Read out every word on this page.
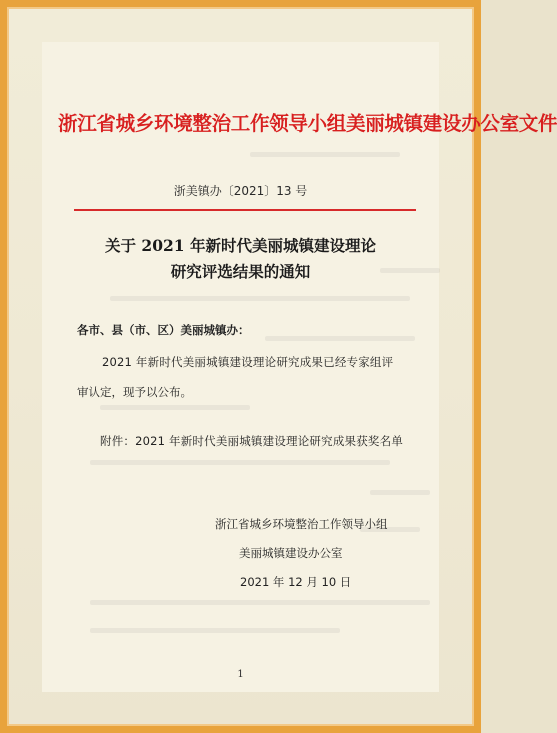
浙江省城乡环境整治工作领导小组美丽城镇建设办公室文件
浙美镇办〔2021〕13 号
关于 2021 年新时代美丽城镇建设理论
研究评选结果的通知
各市、县（市、区）美丽城镇办：
2021 年新时代美丽城镇建设理论研究成果已经专家组评
审认定，现予以公布。
附件：2021 年新时代美丽城镇建设理论研究成果获奖名单
浙江省城乡环境整治工作领导小组
美丽城镇建设办公室
2021 年 12 月 10 日
1
